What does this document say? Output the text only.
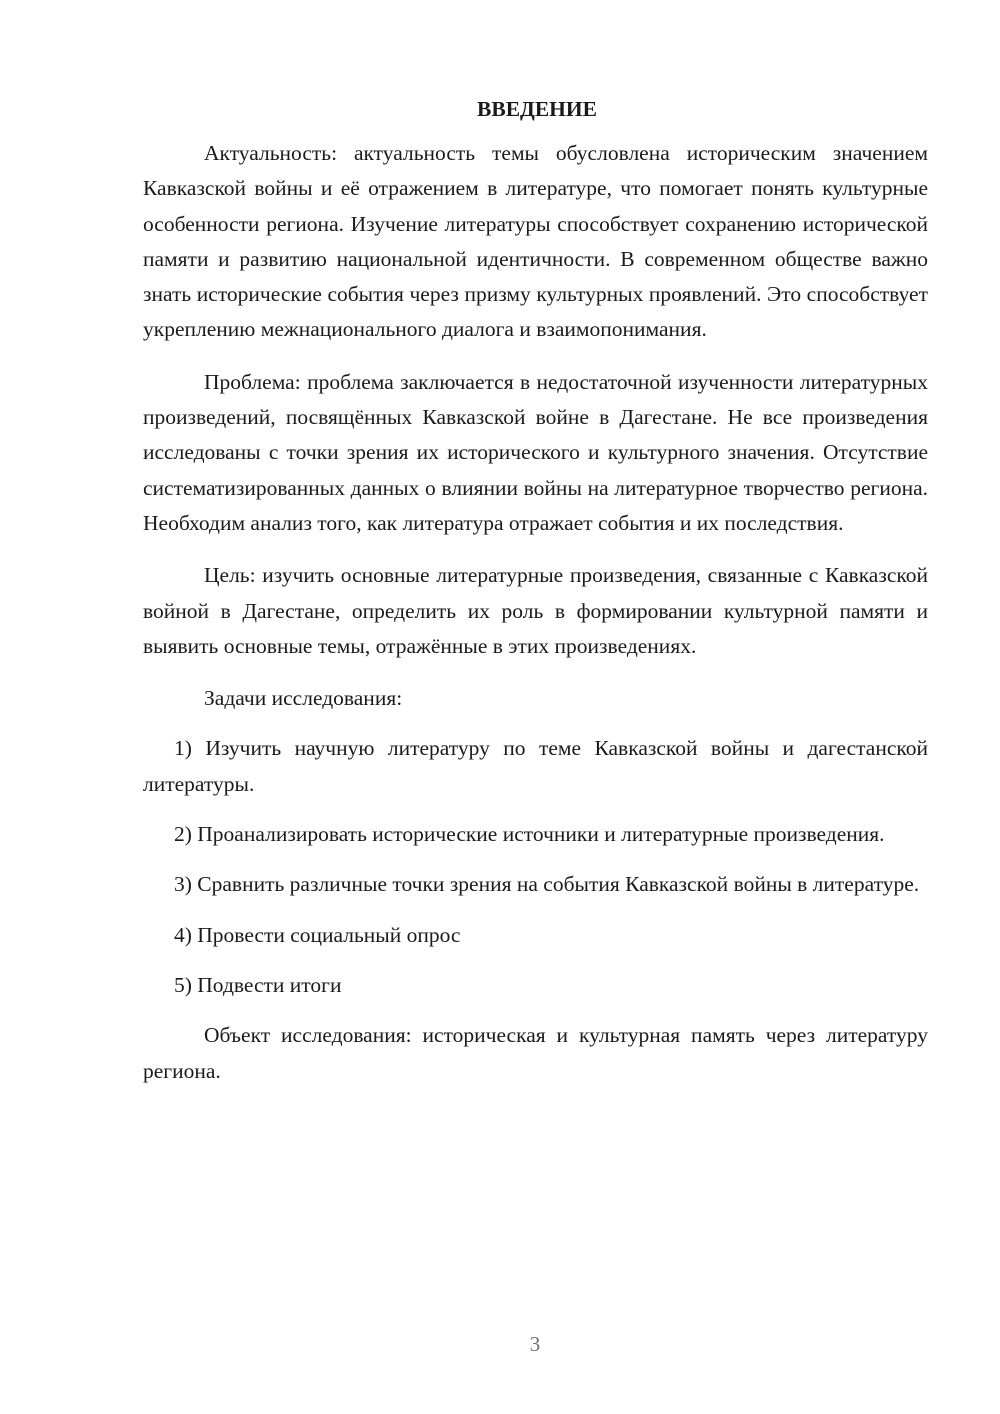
ВВЕДЕНИЕ

Актуальность: актуальность темы обусловлена историческим значением Кавказской войны и её отражением в литературе, что помогает понять культурные особенности региона. Изучение литературы способствует сохранению исторической памяти и развитию национальной идентичности. В современном обществе важно знать исторические события через призму культурных проявлений. Это способствует укреплению межнационального диалога и взаимопонимания.

Проблема: проблема заключается в недостаточной изученности литературных произведений, посвящённых Кавказской войне в Дагестане. Не все произведения исследованы с точки зрения их исторического и культурного значения. Отсутствие систематизированных данных о влиянии войны на литературное творчество региона. Необходим анализ того, как литература отражает события и их последствия.

Цель: изучить основные литературные произведения, связанные с Кавказской войной в Дагестане, определить их роль в формировании культурной памяти и выявить основные темы, отражённые в этих произведениях.

Задачи исследования:

1) Изучить научную литературу по теме Кавказской войны и дагестанской литературы.

2) Проанализировать исторические источники и литературные произведения.

3) Сравнить различные точки зрения на события Кавказской войны в литературе.

4) Провести социальный опрос

5) Подвести итоги

Объект исследования: историческая и культурная память через литературу региона.

3
